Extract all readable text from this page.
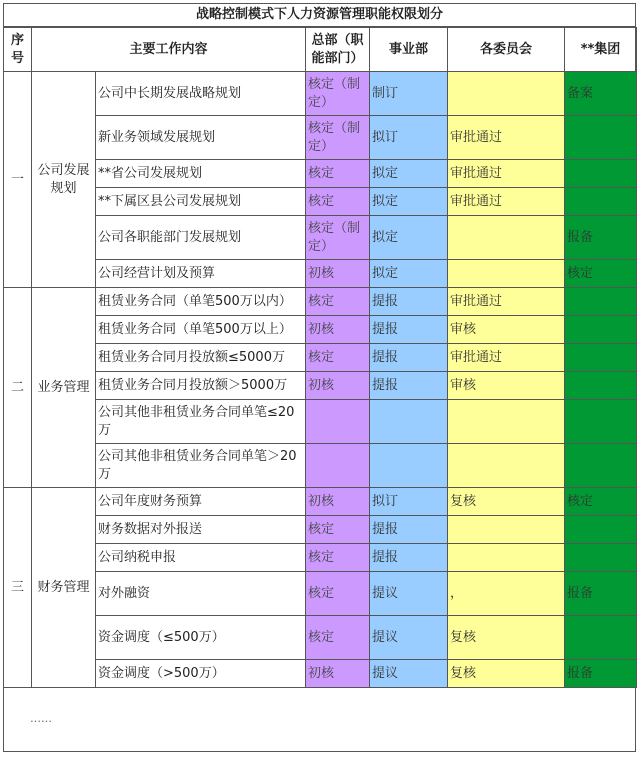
战略控制模式下人力资源管理职能权限划分
序号	主要工作内容		总部（职能部门）	事业部	各委员会	**集团
一	公司发展规划	公司中长期发展战略规划	核定（制定）	制订		备案
		新业务领域发展规划	核定（制定）	拟订	审批通过	
		**省公司发展规划	核定	拟定	审批通过	
		**下属区县公司发展规划	核定	拟定	审批通过	
		公司各职能部门发展规划	核定（制定）	拟定		报备
		公司经营计划及预算	初核	拟定		核定
二	业务管理	租赁业务合同（单笔500万以内）	核定	提报	审批通过	
		租赁业务合同（单笔500万以上）	初核	提报	审核	
		租赁业务合同月投放额≤5000万	核定	提报	审批通过	
		租赁业务合同月投放额＞5000万	初核	提报	审核	
		公司其他非租赁业务合同单笔≤20万				
		公司其他非租赁业务合同单笔＞20万				
三	财务管理	公司年度财务预算	初核	拟订	复核	核定
		财务数据对外报送	核定	提报		
		公司纳税申报	核定	提报		
		对外融资	核定	提议	，	报备
		资金调度（≤500万）	核定	提议	复核	
		资金调度（>500万）	初核	提议	复核	报备
……
